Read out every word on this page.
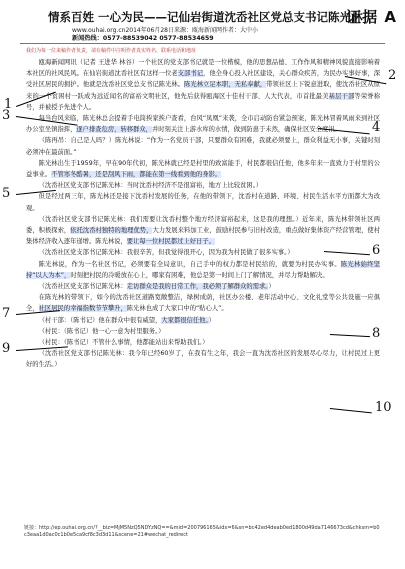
证据 A
情系百姓 一心为民——记仙岩街道沈岙社区党总支书记陈光林
www.ouhai.org.cn2014年06月28日来源：瓯海新闻网作者：大中小
新闻热线：0577-88539042 0577-88534659
我们为每一位来稿作者负责，请在稿件中注明作者真实姓名、联系电话和地址

瓯海新闻网讯（记者 王进华 林谷）一个社区的党支部书记就是一位楷模，他的思想品德、工作作风和精神风貌直接影响着本社区的社风民风。在仙岩街道沈岙社区有这样一位老支部书记，他全身心投入社区建设，关心群众疾苦，为民办实事好事，深受社区居民的拥护。他就是沈岙社区党总支书记陈光林。陈光林立足本职，无私奉献，带领社区上下锐意进取，使沈岙社区从原来的一个贫困村一跃成为远近闻名的富裕文明社区，他先后获得瓯海区十佳村干部、人大代表，市首批最美基层干部等荣誉称号，并被授予先进个人。

每当台风来临，陈光林总会提着手电筒挨家挨户查看，台风“凤凰”来袭，全市启动防台紧急预案，陈光林冒着风雨来到社区办公室坐镇指挥，逐户排查危房，转移群众，并时刻关注上游水库的水情，做到防患于未然，确保社区安全度汛。

（陈再吊：自己是人吗？）陈光林说：“作为一名党员干部，只要群众有困难，我就必须要上，群众利益无小事，关键时刻必须冲在最前面。”

陈光林出生于1959年，早在90年代初，陈光林就已经是村里的致富能手，村民都很信任他，他多年来一直致力于村里的公益事业。不管寒冬酷暑，还是刮风下雨，都能在第一线看到他的身影。

（沈岙社区党支部书记陈光林：当时沈岙村经济不是很富裕，地方上比较贫困。）

但是经过两三年，陈光林还是接下沈岙村发展的任务，在他的带领下，沈岙村在道路、环境、村民生活水平方面都大为改观。

（沈岙社区党支部书记陈光林：我们需要让沈岙村整个地方经济富裕起来，这是我的理想。）近年来，陈光林带领社区两委，积极探索，依托沈岙村独特的地理优势，大力发展来料加工业，鼓励村民参与旧村改造，重点做好集体资产经营管理，使村集体经济收入逐年递增。陈光林说，要让每一位村民都过上好日子。

（沈岙社区党支部书记陈光林：我很辛苦，但我觉得很开心，因为我为村民做了很多实事。）

陈光林说，作为一名社区书记，必须要有全局意识，自己手中的权力都是村民给的，就要为村民办实事。陈光林始终坚持“以人为本”，时刻把村民的冷暖放在心上，哪家有困难，他总是第一时间上门了解情况，并尽力帮助解决。

（沈岙社区党支部书记陈光林：走访群众是我的日常工作，我必须了解群众的需求。）

在陈光林的带领下，如今的沈岙社区道路宽敞整洁，绿树成荫，社区办公楼、老年活动中心、文化礼堂等公共设施一应俱全，社区居民的幸福指数节节攀升，陈光林也成了大家口中的“贴心人”。

（村干部：（陈书记）他在群众中很有威望，大家都很信任他。）

（村民：（陈书记）他一心一意为村里服务。）

（村民：（陈书记）不管什么事情，他都能站出来帮助我们。）

（沈岙社区党支部书记陈光林：我今年已经60岁了，在我有生之年，我会一直为沈岙社区的发展尽心尽力，让村民过上更好的生活。）

1
2
3
4
5
6
7
8
9
10
链接：http://ep.ouhai.org.cn/?__biz=MjM5NzQ5NDYzNQ==&mid=200796165&idx=6&sn=bc42ed4deab0ed1800d49da7146673cd&chksm=b0c3eaa1d0ac0c1b0e5ca9cf8c3d3d11&scene=21#wechat_redirect
